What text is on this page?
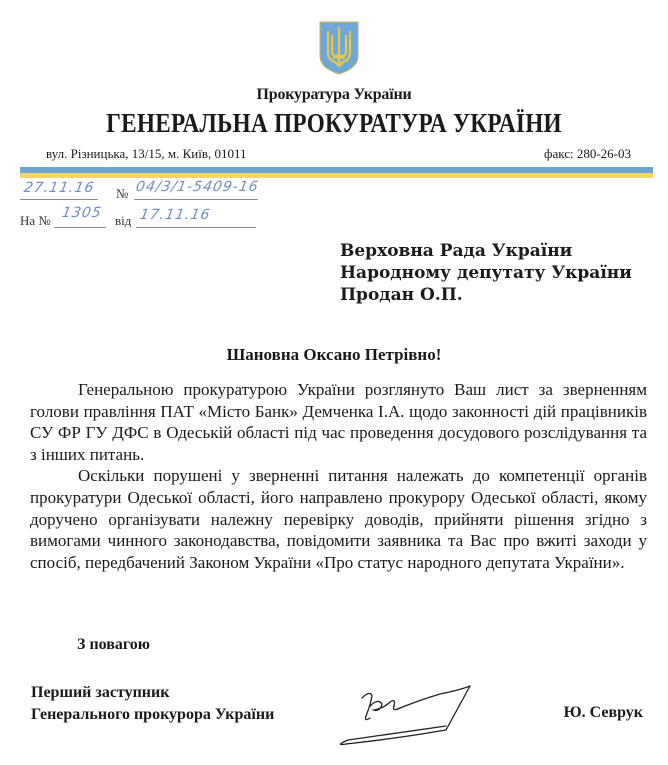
Прокуратура України
ГЕНЕРАЛЬНА ПРОКУРАТУРА УКРАЇНИ
вул. Різницька, 13/15, м. Київ, 01011	факс: 280-26-03
27.11.16 № 04/3/1-5409-16
На № 1305 від 17.11.16
Верховна Рада України
Народному депутату України
Продан О.П.
Шановна Оксано Петрівно!

Генеральною прокуратурою України розглянуто Ваш лист за зверненням голови правління ПАТ «Місто Банк» Демченка І.А. щодо законності дій працівників СУ ФР ГУ ДФС в Одеській області під час проведення досудового розслідування та з інших питань.

Оскільки порушені у зверненні питання належать до компетенції органів прокуратури Одеської області, його направлено прокурору Одеської області, якому доручено організувати належну перевірку доводів, прийняти рішення згідно з вимогами чинного законодавства, повідомити заявника та Вас про вжиті заходи у спосіб, передбачений Законом України «Про статус народного депутата України».

З повагою
Перший заступник
Генерального прокурора України	Ю. Севрук
